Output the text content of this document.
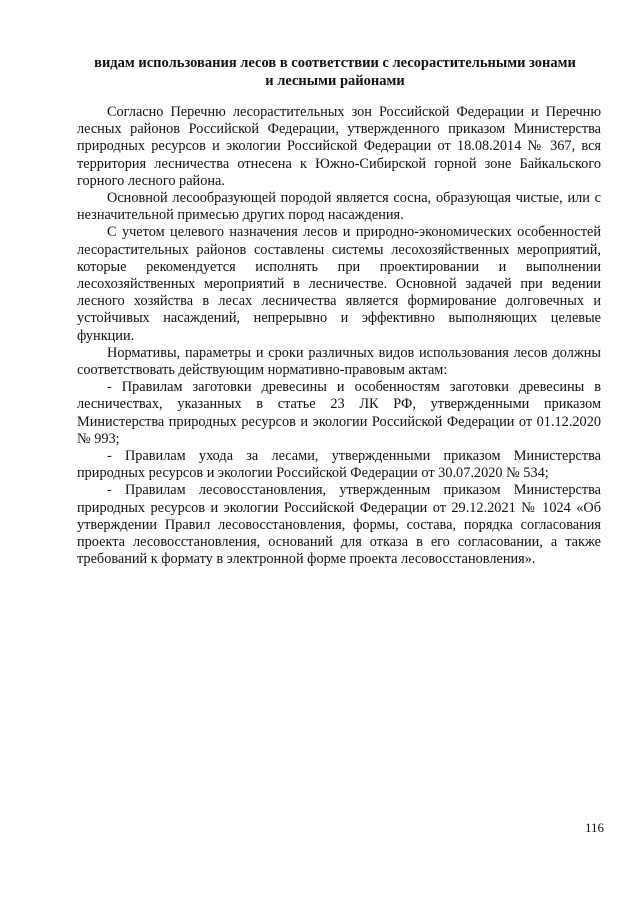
видам использования лесов в соответствии с лесорастительными зонами
и лесными районами

Согласно Перечню лесорастительных зон Российской Федерации и Перечню лесных районов Российской Федерации, утвержденного приказом Министерства природных ресурсов и экологии Российской Федерации от 18.08.2014 № 367, вся территория лесничества отнесена к Южно-Сибирской горной зоне Байкальского горного лесного района.

Основной лесообразующей породой является сосна, образующая чистые, или с незначительной примесью других пород насаждения.

С учетом целевого назначения лесов и природно-экономических особенностей лесорастительных районов составлены системы лесохозяйственных мероприятий, которые рекомендуется исполнять при проектировании и выполнении лесохозяйственных мероприятий в лесничестве. Основной задачей при ведении лесного хозяйства в лесах лесничества является формирование долговечных и устойчивых насаждений, непрерывно и эффективно выполняющих целевые функции.

Нормативы, параметры и сроки различных видов использования лесов должны соответствовать действующим нормативно-правовым актам:

- Правилам заготовки древесины и особенностям заготовки древесины в лесничествах, указанных в статье 23 ЛК РФ, утвержденными приказом Министерства природных ресурсов и экологии Российской Федерации от 01.12.2020 № 993;

- Правилам ухода за лесами, утвержденными приказом Министерства природных ресурсов и экологии Российской Федерации от 30.07.2020 № 534;

- Правилам лесовосстановления, утвержденным приказом Министерства природных ресурсов и экологии Российской Федерации от 29.12.2021 № 1024 «Об утверждении Правил лесовосстановления, формы, состава, порядка согласования проекта лесовосстановления, оснований для отказа в его согласовании, а также требований к формату в электронной форме проекта лесовосстановления».

116
